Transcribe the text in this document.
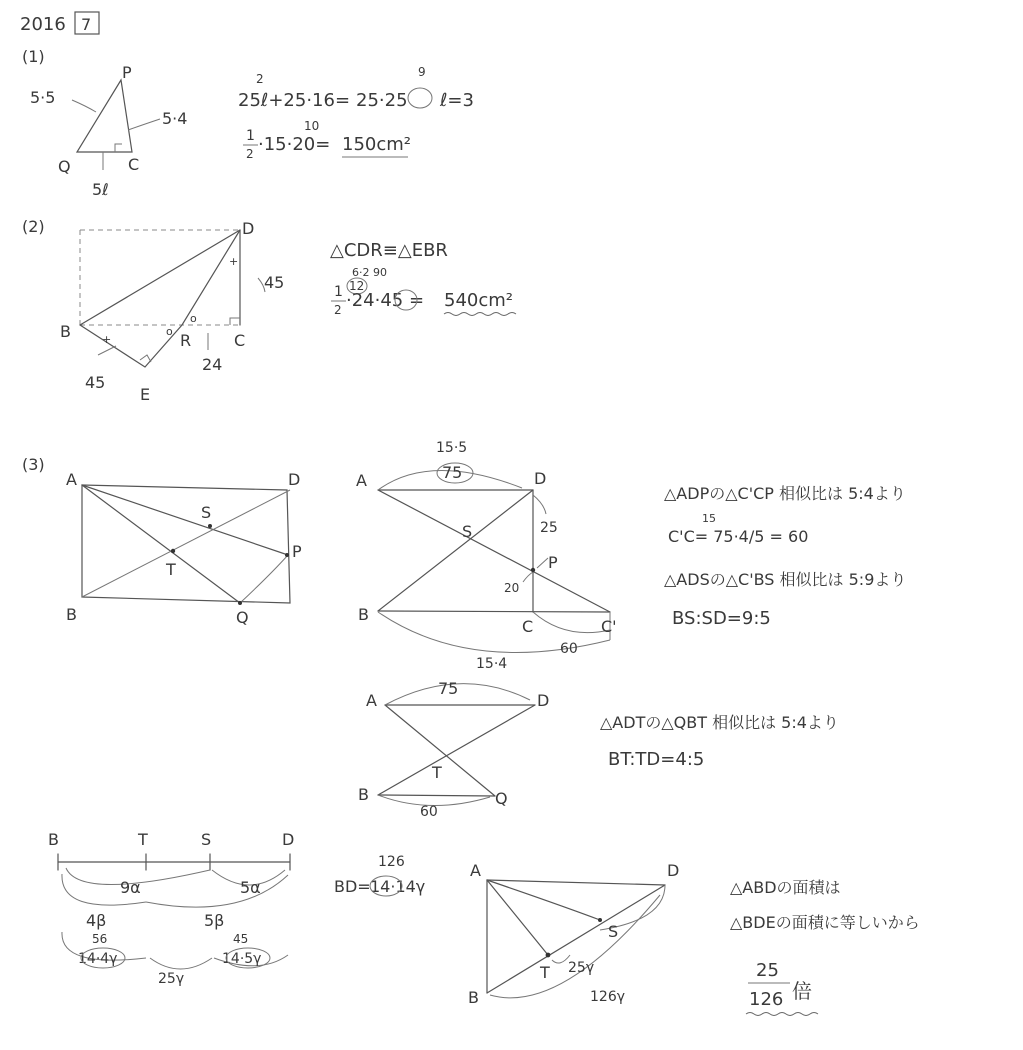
2016 7
(1)
P
Q	C
5·5
5·4
5ℓ
2	9
25ℓ+25·16= 25·25 ℓ=3
1
2
10
·15·20= 150cm²
(2)
o
o
+
+
D
B	R	C
E
45
24
45
△CDR≡△EBR
6·2 90
1
2
12
·24·45 = 540cm²
(3)
A	D
B	Q
S
T
P
A	D
S
P
B
C	C'
15·5
75
25
20
60
15·4
△ADPの△C'CP 相似比は 5:4より
15
C'C= 75·4/5 = 60
△ADSの△C'BS 相似比は 5:9より
BS:SD=9:5
A	D
T
B	Q
75
60
△ADTの△QBT 相似比は 5:4より
BT:TD=4:5
B	T	S	D
9α	5α
4β	5β
56	45
14·4γ
25γ
14·5γ
126
BD= 14·14γ
A	D
S
T
B
25γ
126γ
△ABDの面積は
△BDEの面積に等しいから
25
126 倍
